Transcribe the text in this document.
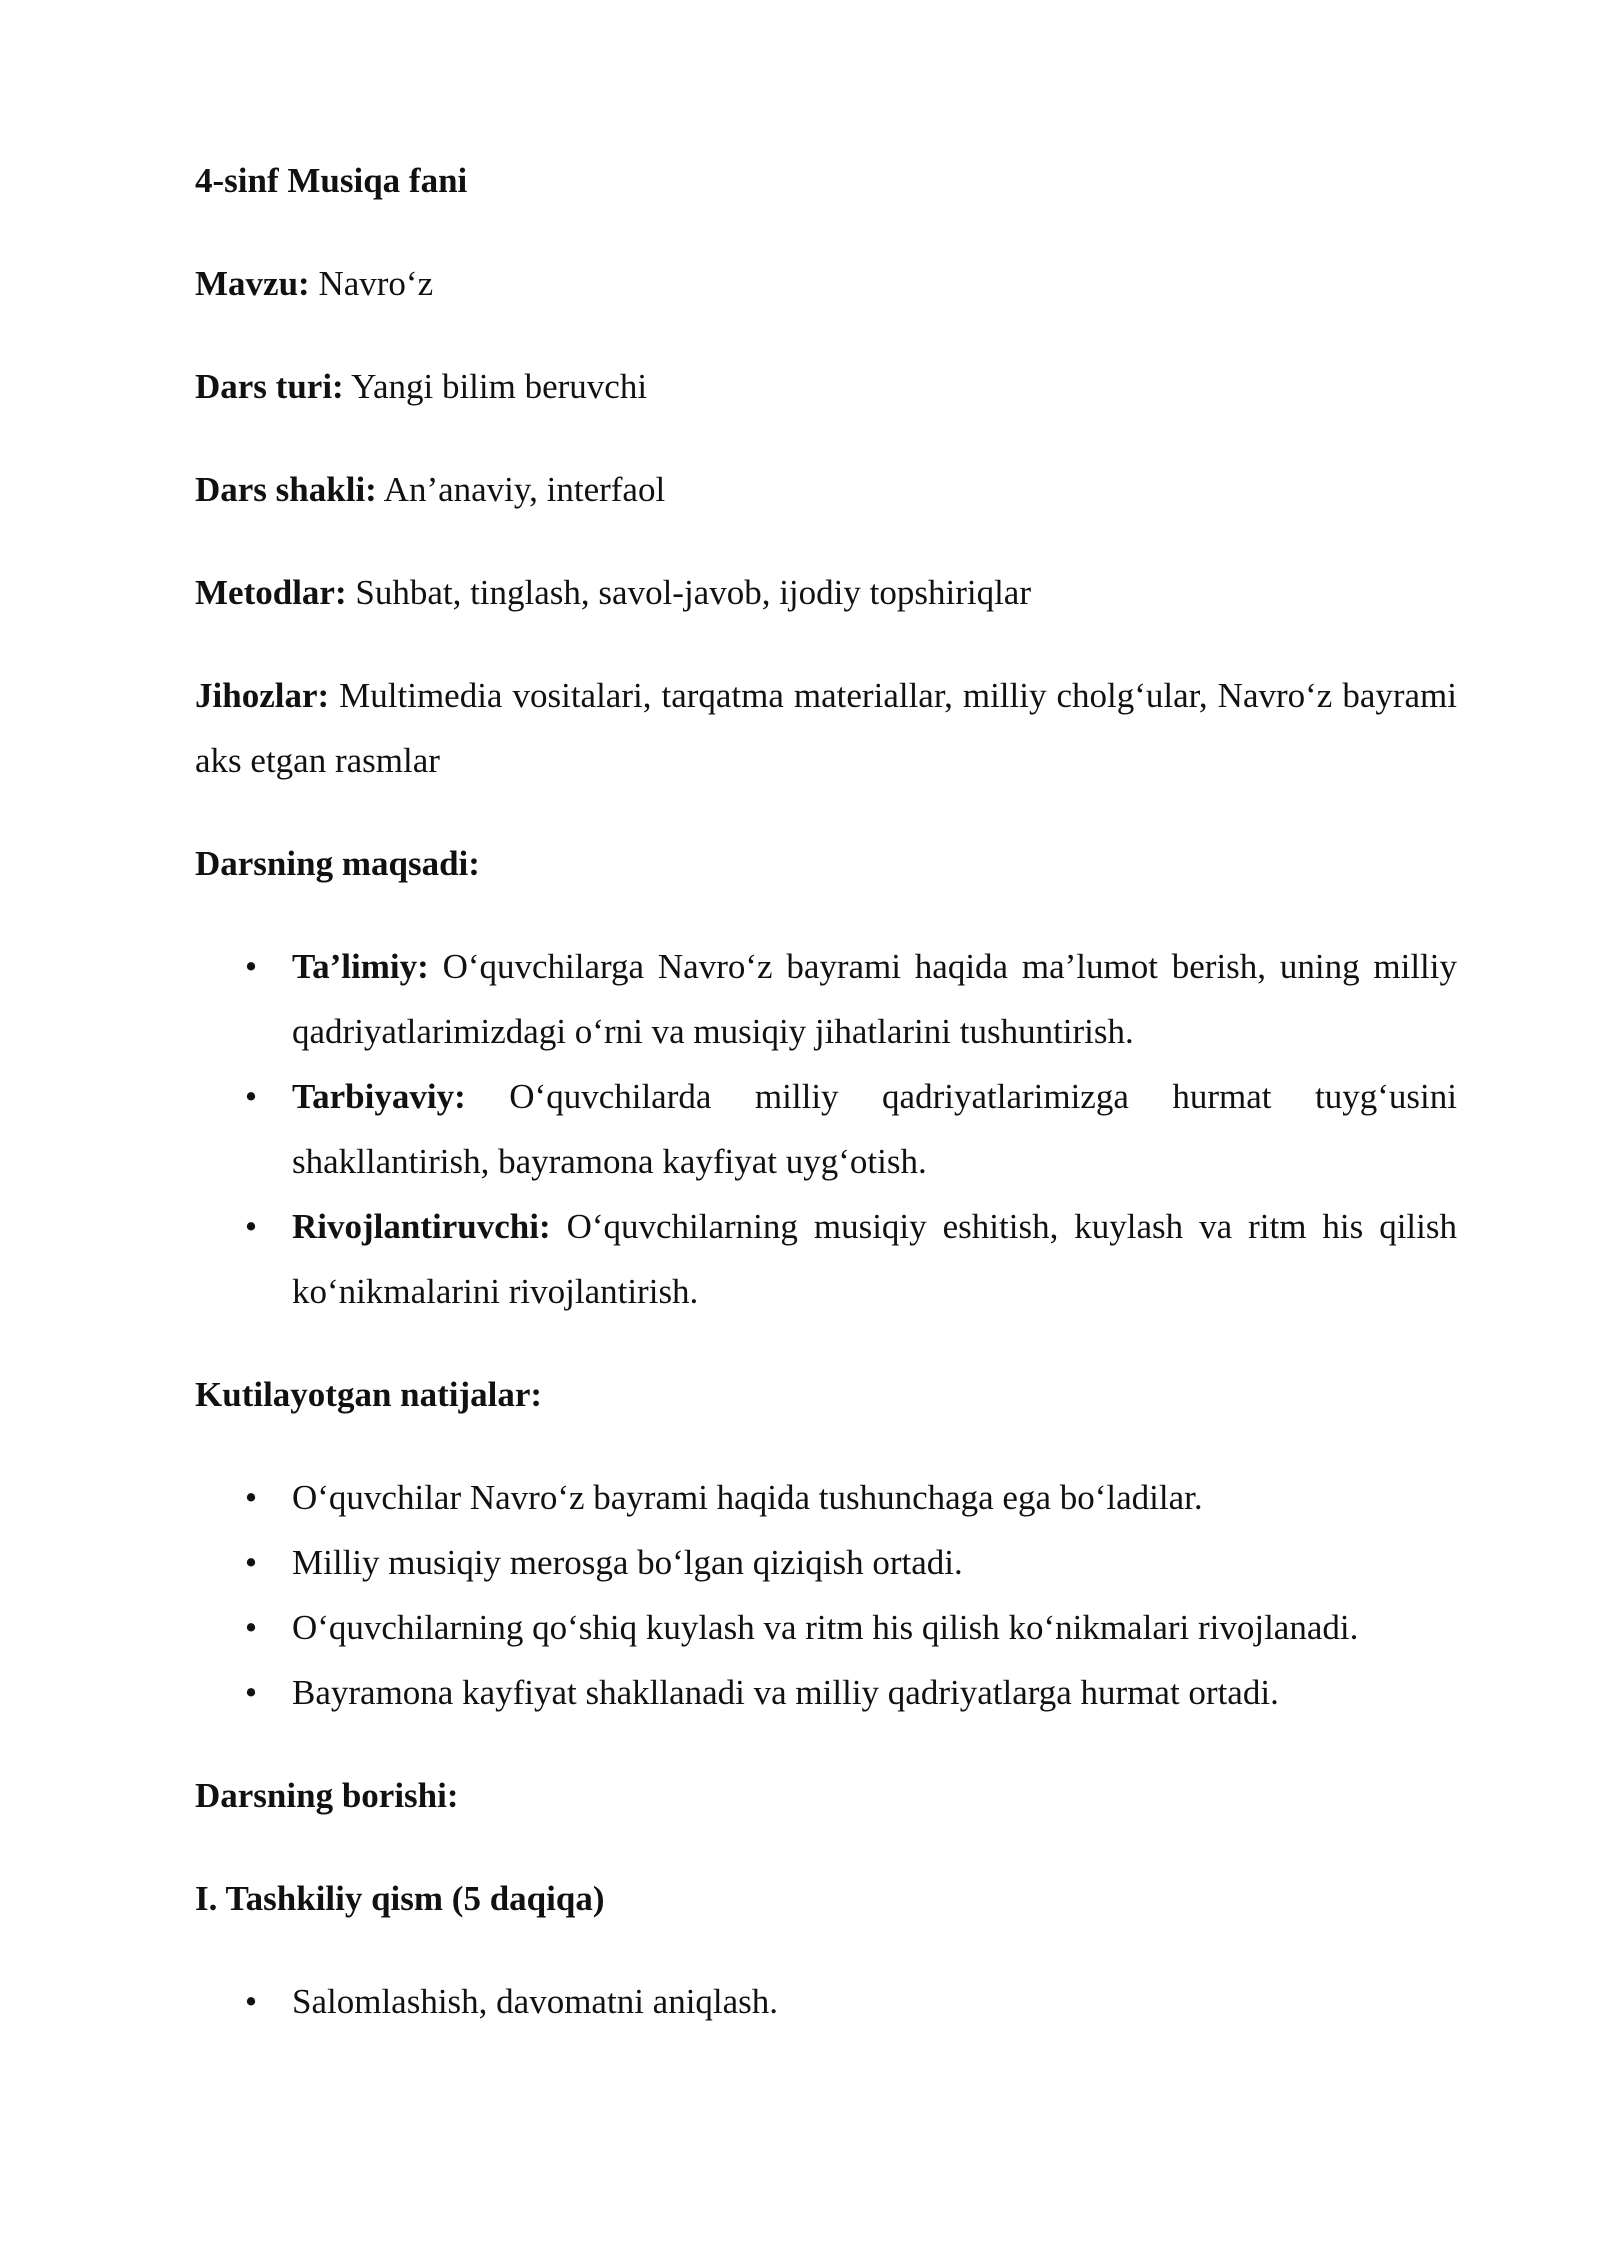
4-sinf Musiqa fani

Mavzu: Navro‘z

Dars turi: Yangi bilim beruvchi

Dars shakli: An’anaviy, interfaol

Metodlar: Suhbat, tinglash, savol-javob, ijodiy topshiriqlar

Jihozlar: Multimedia vositalari, tarqatma materiallar, milliy cholg‘ular, Navro‘z bayrami aks etgan rasmlar

Darsning maqsadi:

•
Ta’limiy: O‘quvchilarga Navro‘z bayrami haqida ma’lumot berish, uning milliy qadriyatlarimizdagi o‘rni va musiqiy jihatlarini tushuntirish.
•
Tarbiyaviy: O‘quvchilarda milliy qadriyatlarimizga hurmat tuyg‘usini shakllantirish, bayramona kayfiyat uyg‘otish.
•
Rivojlantiruvchi: O‘quvchilarning musiqiy eshitish, kuylash va ritm his qilish ko‘nikmalarini rivojlantirish.

Kutilayotgan natijalar:

•
O‘quvchilar Navro‘z bayrami haqida tushunchaga ega bo‘ladilar.
•
Milliy musiqiy merosga bo‘lgan qiziqish ortadi.
•
O‘quvchilarning qo‘shiq kuylash va ritm his qilish ko‘nikmalari rivojlanadi.
•
Bayramona kayfiyat shakllanadi va milliy qadriyatlarga hurmat ortadi.

Darsning borishi:

I. Tashkiliy qism (5 daqiqa)

•
Salomlashish, davomatni aniqlash.
